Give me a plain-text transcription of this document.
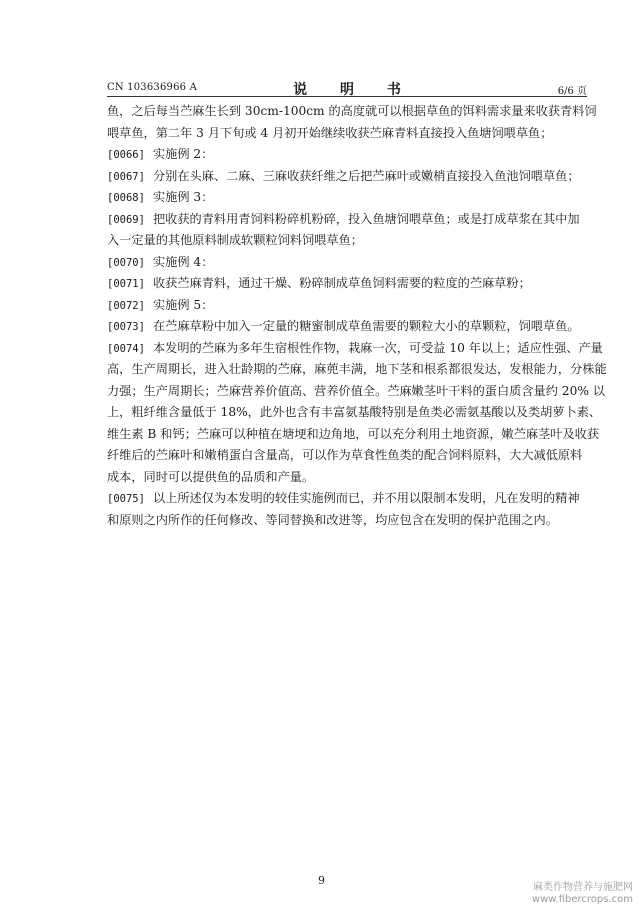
CN 103636966 A	说 明 书	6/6 页
鱼，之后每当苎麻生长到 30cm-100cm 的高度就可以根据草鱼的饵料需求量来收获青料饲
喂草鱼，第二年 3 月下旬或 4 月初开始继续收获苎麻青料直接投入鱼塘饲喂草鱼；
[0066] 实施例 2：
[0067] 分别在头麻、二麻、三麻收获纤维之后把苎麻叶或嫩梢直接投入鱼池饲喂草鱼；
[0068] 实施例 3：
[0069] 把收获的青料用青饲料粉碎机粉碎，投入鱼塘饲喂草鱼；或是打成草浆在其中加
入一定量的其他原料制成软颗粒饲料饲喂草鱼；
[0070] 实施例 4：
[0071] 收获苎麻青料，通过干燥、粉碎制成草鱼饲料需要的粒度的苎麻草粉；
[0072] 实施例 5：
[0073] 在苎麻草粉中加入一定量的糖蜜制成草鱼需要的颗粒大小的草颗粒，饲喂草鱼。
[0074] 本发明的苎麻为多年生宿根性作物，栽麻一次，可受益 10 年以上；适应性强、产量
高，生产周期长，进入壮龄期的苎麻，麻蔸丰满，地下茎和根系都很发达，发根能力，分株能
力强；生产周期长；苎麻营养价值高、营养价值全。苎麻嫩茎叶干料的蛋白质含量约 20% 以
上，粗纤维含量低于 18%，此外也含有丰富氨基酸特别是鱼类必需氨基酸以及类胡萝卜素、
维生素 B 和钙；苎麻可以种植在塘埂和边角地，可以充分利用土地资源，嫩苎麻茎叶及收获
纤维后的苎麻叶和嫩梢蛋白含量高，可以作为草食性鱼类的配合饲料原料，大大减低原料
成本，同时可以提供鱼的品质和产量。
[0075] 以上所述仅为本发明的较佳实施例而已，并不用以限制本发明，凡在发明的精神
和原则之内所作的任何修改、等同替换和改进等，均应包含在发明的保护范围之内。
9
麻类作物营养与施肥网
www.fibercrops.com
